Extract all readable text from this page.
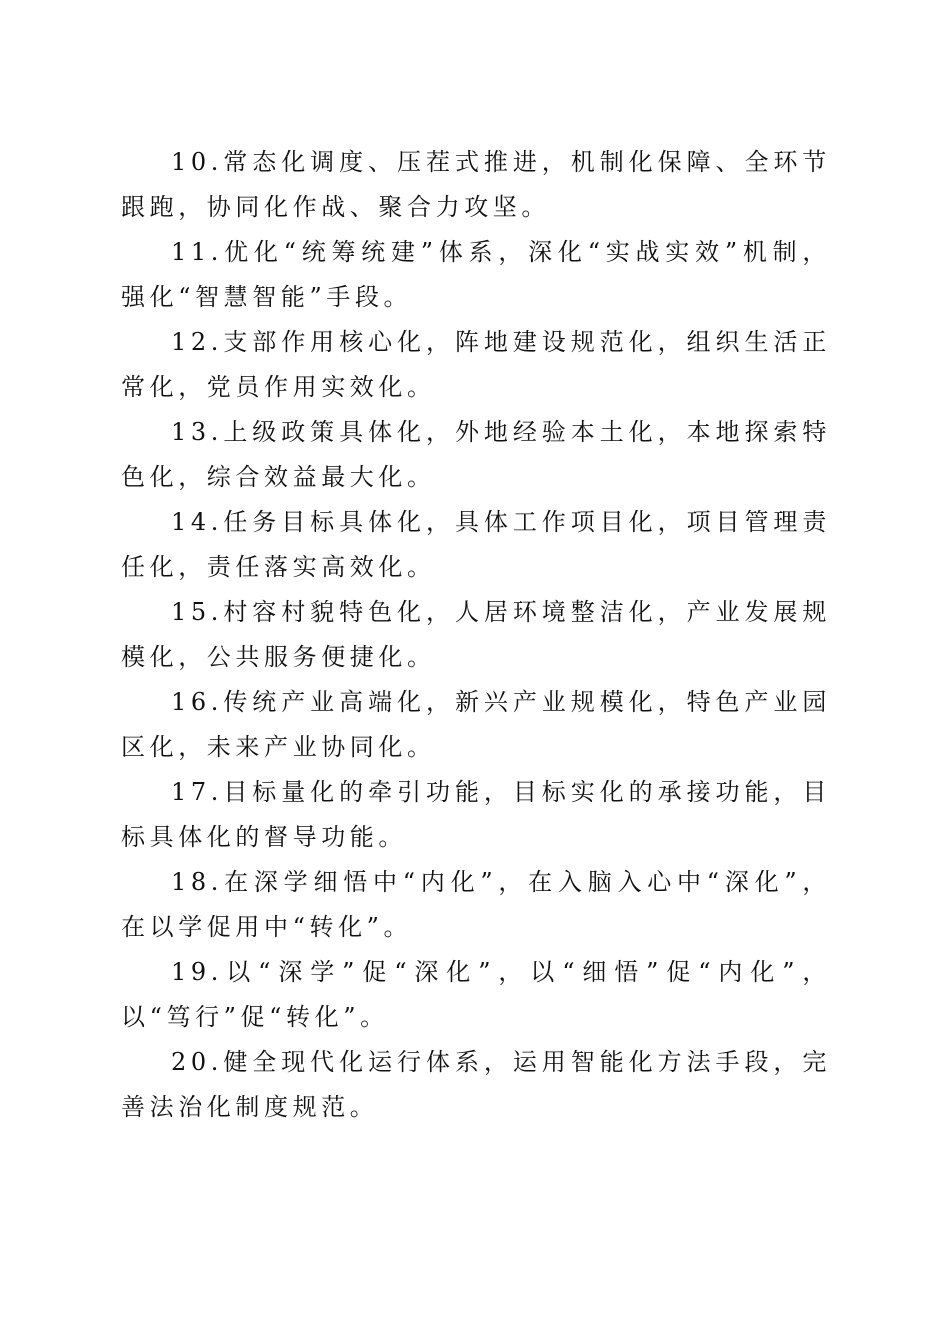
10.常态化调度、压茬式推进，机制化保障、全环节跟跑，协同化作战、聚合力攻坚。

11.优化“统筹统建”体系，深化“实战实效”机制，强化“智慧智能”手段。

12.支部作用核心化，阵地建设规范化，组织生活正常化，党员作用实效化。

13.上级政策具体化，外地经验本土化，本地探索特色化，综合效益最大化。

14.任务目标具体化，具体工作项目化，项目管理责任化，责任落实高效化。

15.村容村貌特色化，人居环境整洁化，产业发展规模化，公共服务便捷化。

16.传统产业高端化，新兴产业规模化，特色产业园区化，未来产业协同化。

17.目标量化的牵引功能，目标实化的承接功能，目标具体化的督导功能。

18.在深学细悟中“内化”，在入脑入心中“深化”，在以学促用中“转化”。

19.以“深学”促“深化”，以“细悟”促“内化”，以“笃行”促“转化”。

20.健全现代化运行体系，运用智能化方法手段，完善法治化制度规范。
